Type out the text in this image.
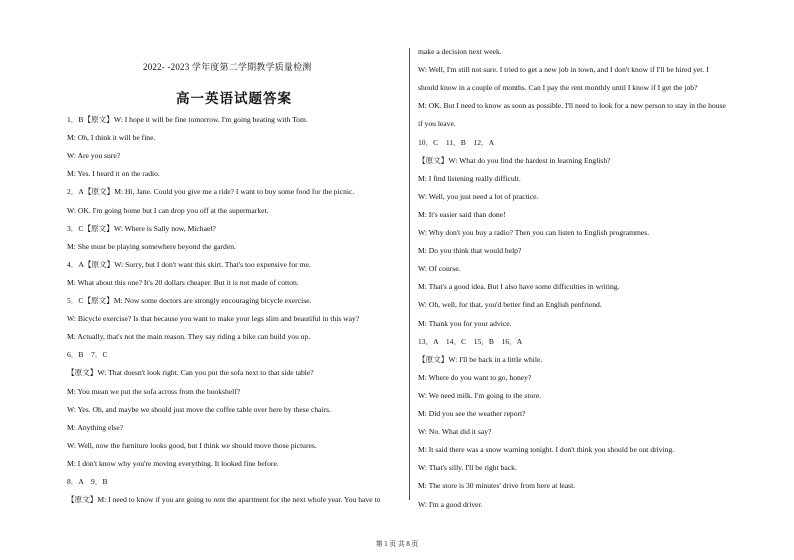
2022- -2023 学年度第二学期教学质量检测
高一英语试题答案
1．B【原文】W: I hope it will be fine tomorrow. I'm going beating with Tom.
M: Oh, I think it will be fine.
W: Are you sure?
M: Yes. I heard it on the radio.
2．A【原文】M: Hi, Jane. Could you give me a ride? I want to buy some food for the picnic.
W: OK. I'm going home but I can drop you off at the supermarket.
3．C【原文】W: Where is Sally now, Michael?
M: She must be playing somewhere beyond the garden.
4．A【原文】W: Sorry, but I don't want this skirt. That's too expensive for me.
M: What about this one? It's 20 dollars cheaper. But it is not made of cotton.
5．C【原文】M: Now some doctors are strongly encouraging bicycle exercise.
W: Bicycle exercise? Is that because you want to make your legs slim and beautiful in this way?
M: Actually, that's not the main reason. They say riding a bike can build you up.
6．B　7．C
【原文】W: That doesn't look right. Can you put the sofa next to that side table?
M: You mean we put the sofa across from the bookshelf?
W: Yes. Oh, and maybe we should just move the coffee table over here by these chairs.
M: Anything else?
W: Well, now the furniture looks good, but I think we should move those pictures.
M: I don't know why you're moving everything. It looked fine before.
8．A　9．B
【原文】M: I need to know if you are going to rent the apartment for the next whole year. You have to
make a decision next week.
W: Well, I'm still not sure. I tried to get a new job in town, and I don't know if I'll be hired yet. I
should know in a couple of months. Can I pay the rent monthly until I know if I get the job?
M: OK. But I need to know as soon as possible. I'll need to look for a new person to stay in the house
if you leave.
10．C　11．B　12．A
【原文】W: What do you find the hardest in learning English?
M: I find listening really difficult.
W: Well, you just need a lot of practice.
M: It's easier said than done!
W: Why don't you buy a radio? Then you can listen to English programmes.
M: Do you think that would help?
W: Of course.
M: That's a good idea. But I also have some difficulties in writing.
W: Oh, well, for that, you'd better find an English penfriend.
M: Thank you for your advice.
13．A　14．C　15．B　16．A
【原文】W: I'll be back in a little while.
M: Where do you want to go, honey?
W: We need milk. I'm going to the store.
M: Did you see the weather report?
W: No. What did it say?
M: It said there was a snow warning tonight. I don't think you should be out driving.
W: That's silly. I'll be right back.
M: The store is 30 minutes' drive from here at least.
W: I'm a good driver.
第 1 页 共 8 页
